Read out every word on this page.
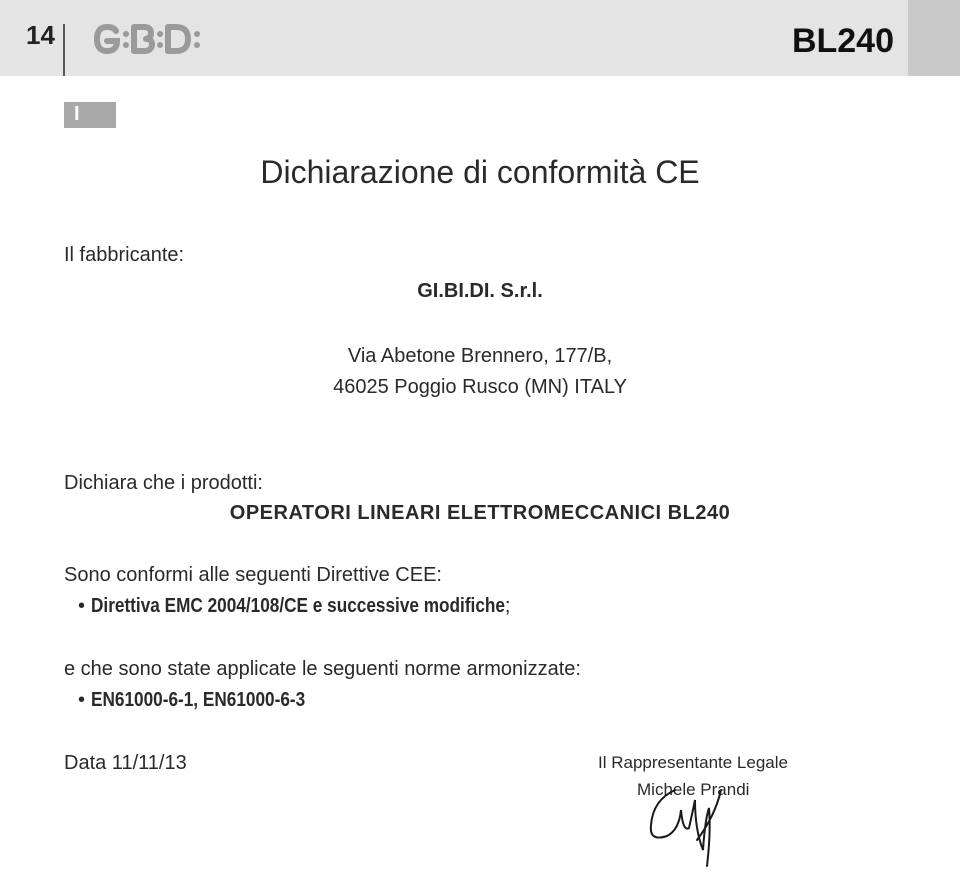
14	BL240
I
Dichiarazione di conformità CE
Il fabbricante:
GI.BI.DI. S.r.l.
Via Abetone Brennero, 177/B,
46025 Poggio Rusco (MN) ITALY
Dichiara che i prodotti:
OPERATORI LINEARI ELETTROMECCANICI BL240
Sono conformi alle seguenti Direttive CEE:
• Direttiva EMC 2004/108/CE e successive modifiche;
e che sono state applicate le seguenti norme armonizzate:
• EN61000-6-1, EN61000-6-3
Data 11/11/13	Il Rappresentante Legale
Michele Prandi
